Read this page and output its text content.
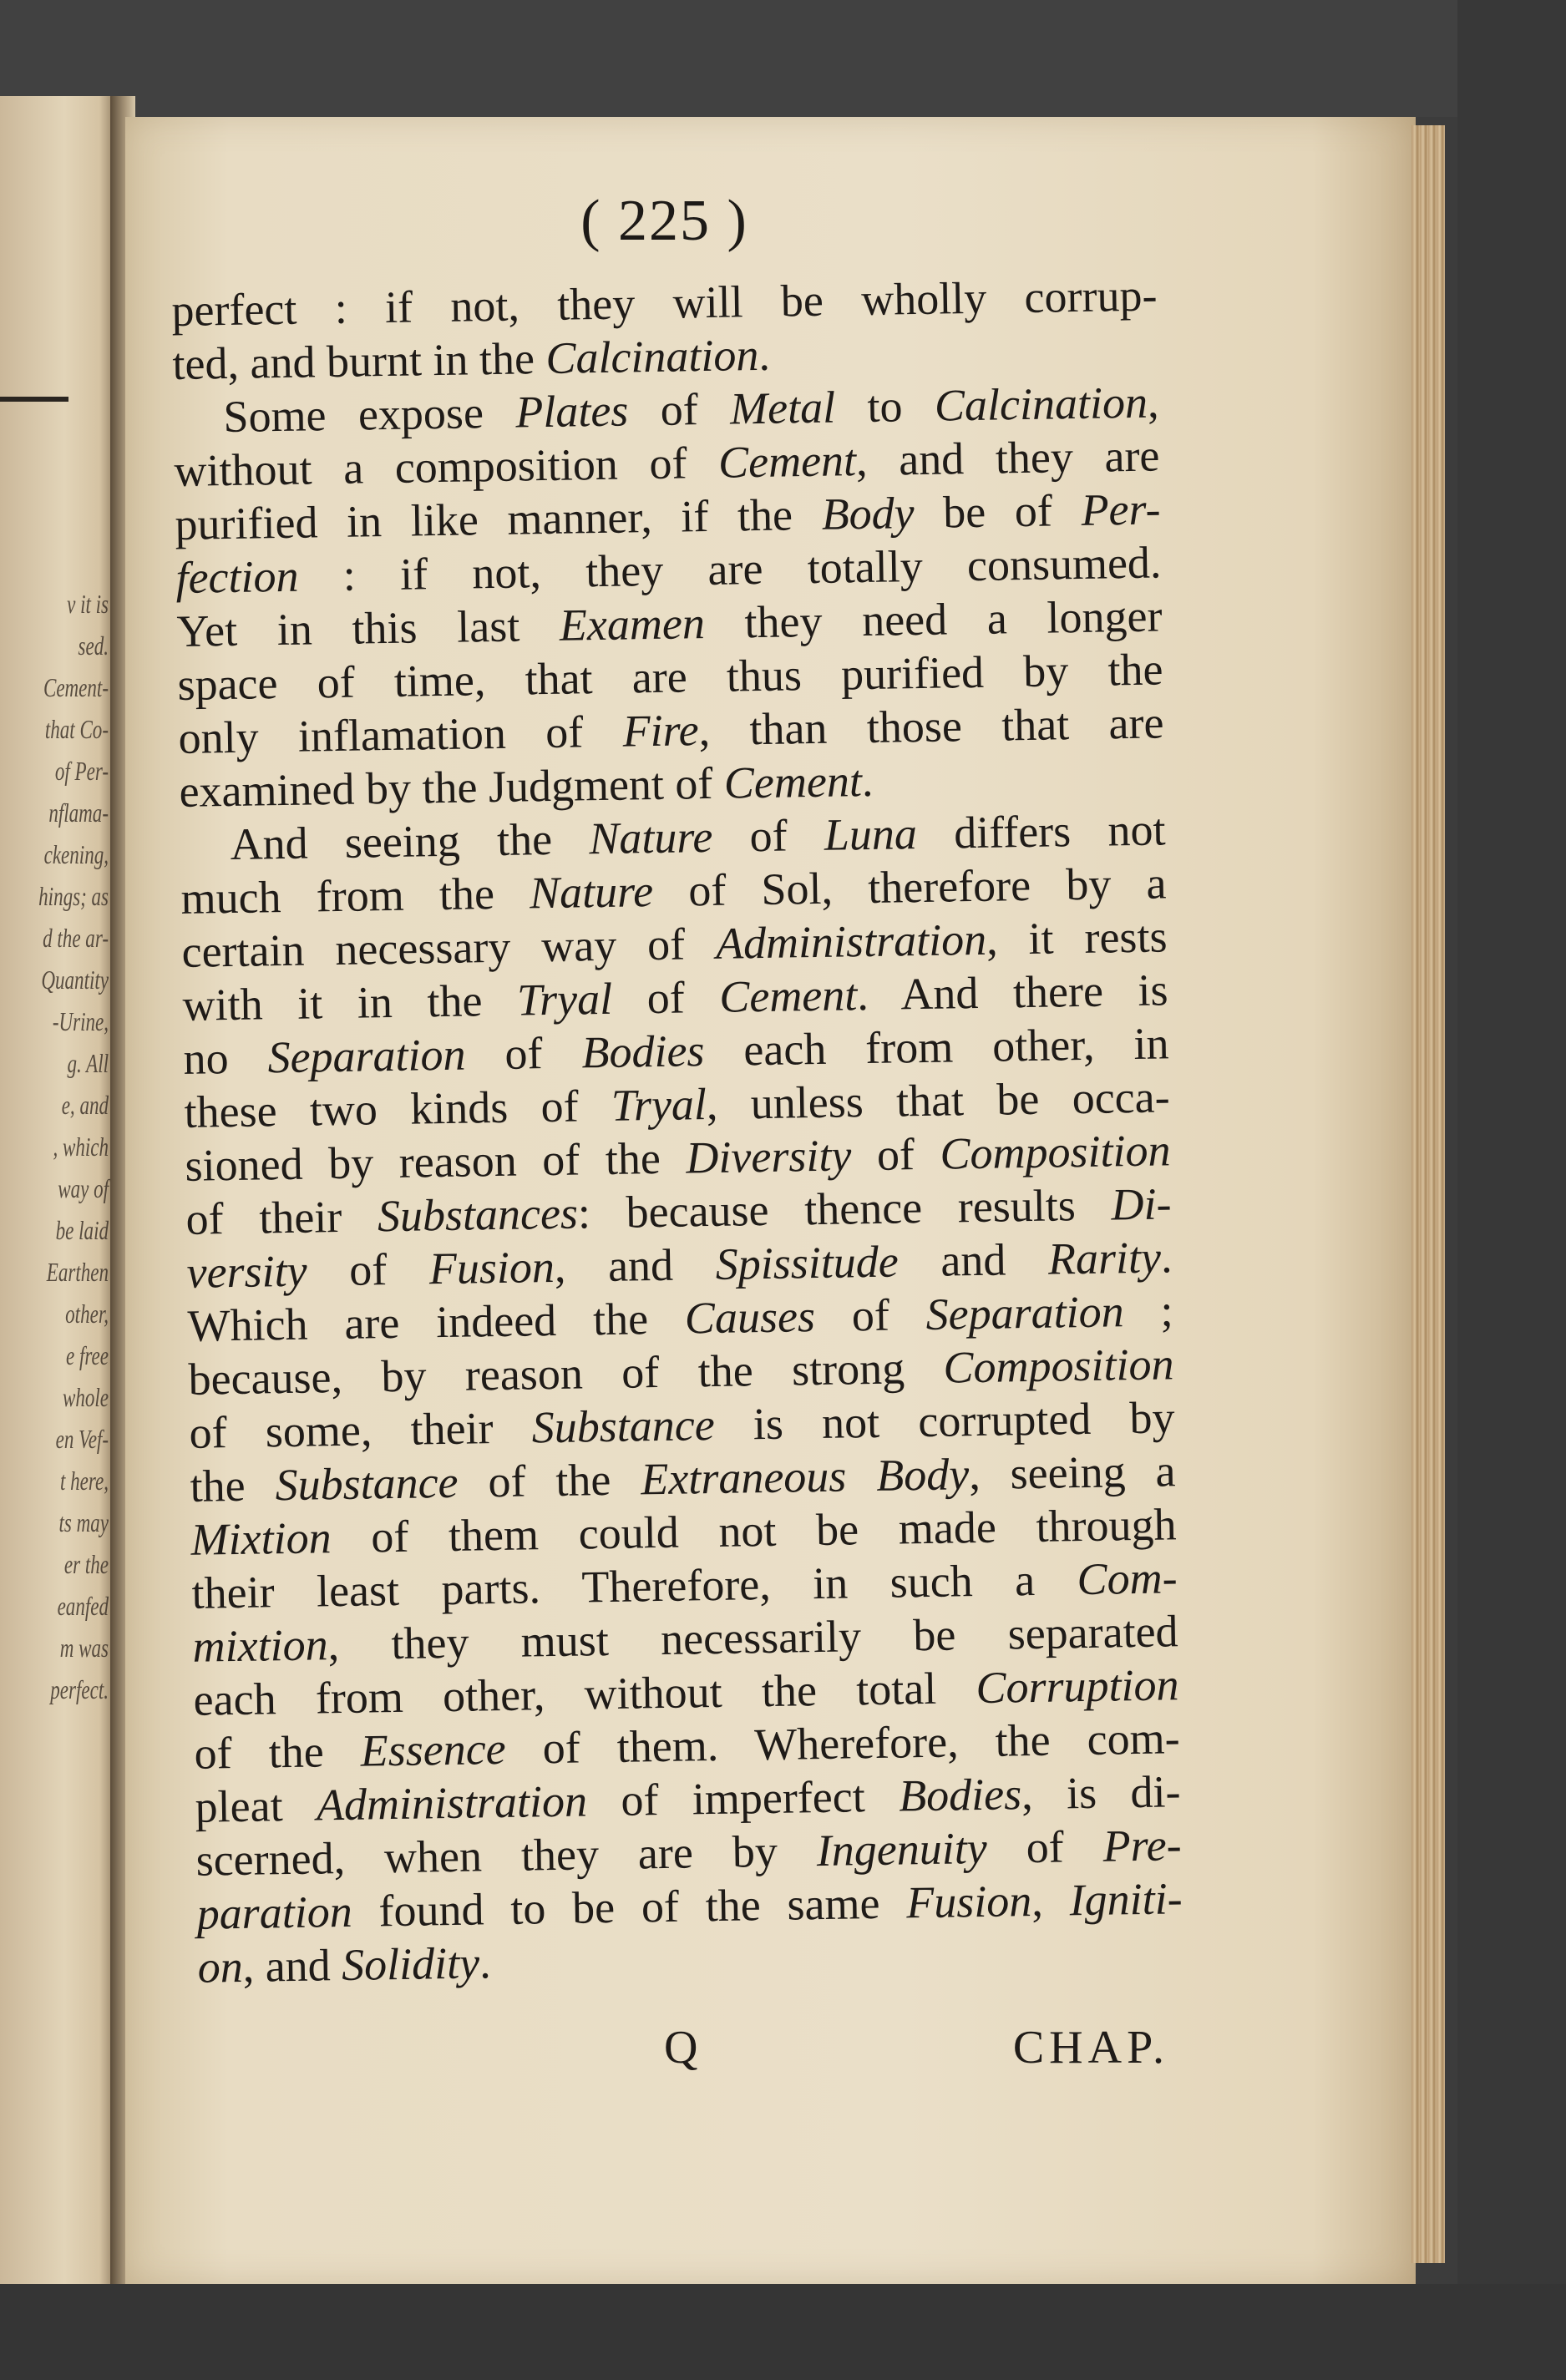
v it is
sed.
Cement-
that Co-
of Per-
nflama-
ckening,
hings; as
d the ar-
Quantity
-Urine,
g. All
e, and
, which
way of
be laid
Earthen
other,
e free
whole
en Vef-
t here,
ts may
er the
eanfed
m was
perfect.
( 225 )
perfect : if not, they will be wholly corrup-
ted, and burnt in the Calcination.
Some expose Plates of Metal to Calcination,
without a composition of Cement, and they are
purified in like manner, if the Body be of Per-
fection : if not, they are totally consumed.
Yet in this last Examen they need a longer
space of time, that are thus purified by the
only inflamation of Fire, than those that are
examined by the Judgment of Cement.
And seeing the Nature of Luna differs not
much from the Nature of Sol, therefore by a
certain necessary way of Administration, it rests
with it in the Tryal of Cement. And there is
no Separation of Bodies each from other, in
these two kinds of Tryal, unless that be occa-
sioned by reason of the Diversity of Composition
of their Substances: because thence results Di-
versity of Fusion, and Spissitude and Rarity.
Which are indeed the Causes of Separation ;
because, by reason of the strong Composition
of some, their Substance is not corrupted by
the Substance of the Extraneous Body, seeing a
Mixtion of them could not be made through
their least parts. Therefore, in such a Com-
mixtion, they must necessarily be separated
each from other, without the total Corruption
of the Essence of them. Wherefore, the com-
pleat Administration of imperfect Bodies, is di-
scerned, when they are by Ingenuity of Pre-
paration found to be of the same Fusion, Igniti-
on, and Solidity.
Q	CHAP.
